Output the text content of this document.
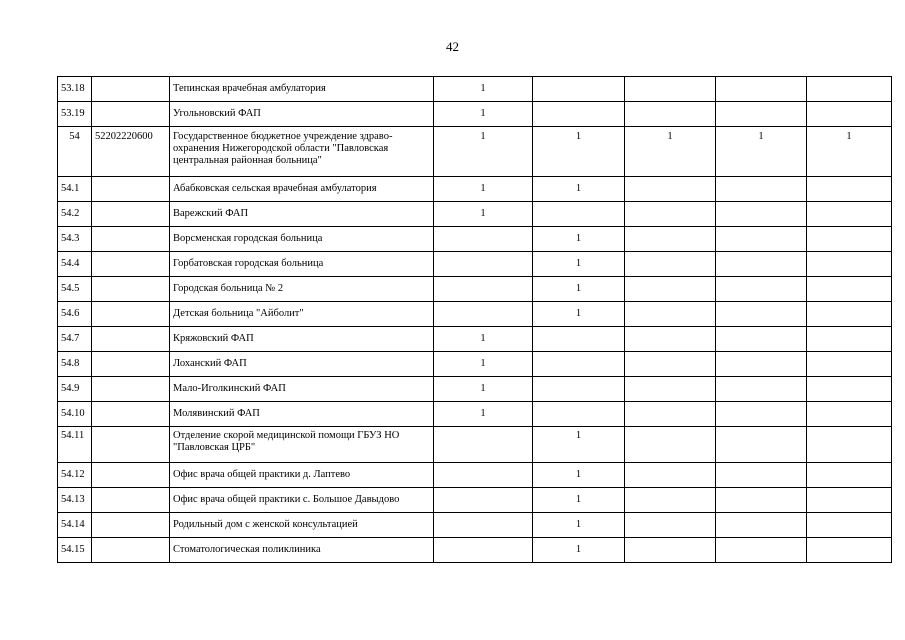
42
53.18		Тепинская врачебная амбулатория	1				
53.19		Угольновский ФАП	1				
54	52202220600	Государственное бюджетное учреждение здраво-охранения Нижегородской области "Павловская центральная районная больница"	1	1	1	1	1
54.1		Абабковская сельская врачебная амбулатория	1	1			
54.2		Варежский ФАП	1				
54.3		Ворсменская городская больница		1			
54.4		Горбатовская городская больница		1			
54.5		Городская больница № 2		1			
54.6		Детская больница "Айболит"		1			
54.7		Кряжовский ФАП	1				
54.8		Лоханский ФАП	1				
54.9		Мало-Иголкинский ФАП	1				
54.10		Молявинский ФАП	1				
54.11		Отделение скорой медицинской помощи ГБУЗ НО "Павловская ЦРБ"		1			
54.12		Офис врача общей практики д. Лаптево		1			
54.13		Офис врача общей практики с. Большое Давыдово		1			
54.14		Родильный дом с женской консультацией		1			
54.15		Стоматологическая поликлиника		1			
